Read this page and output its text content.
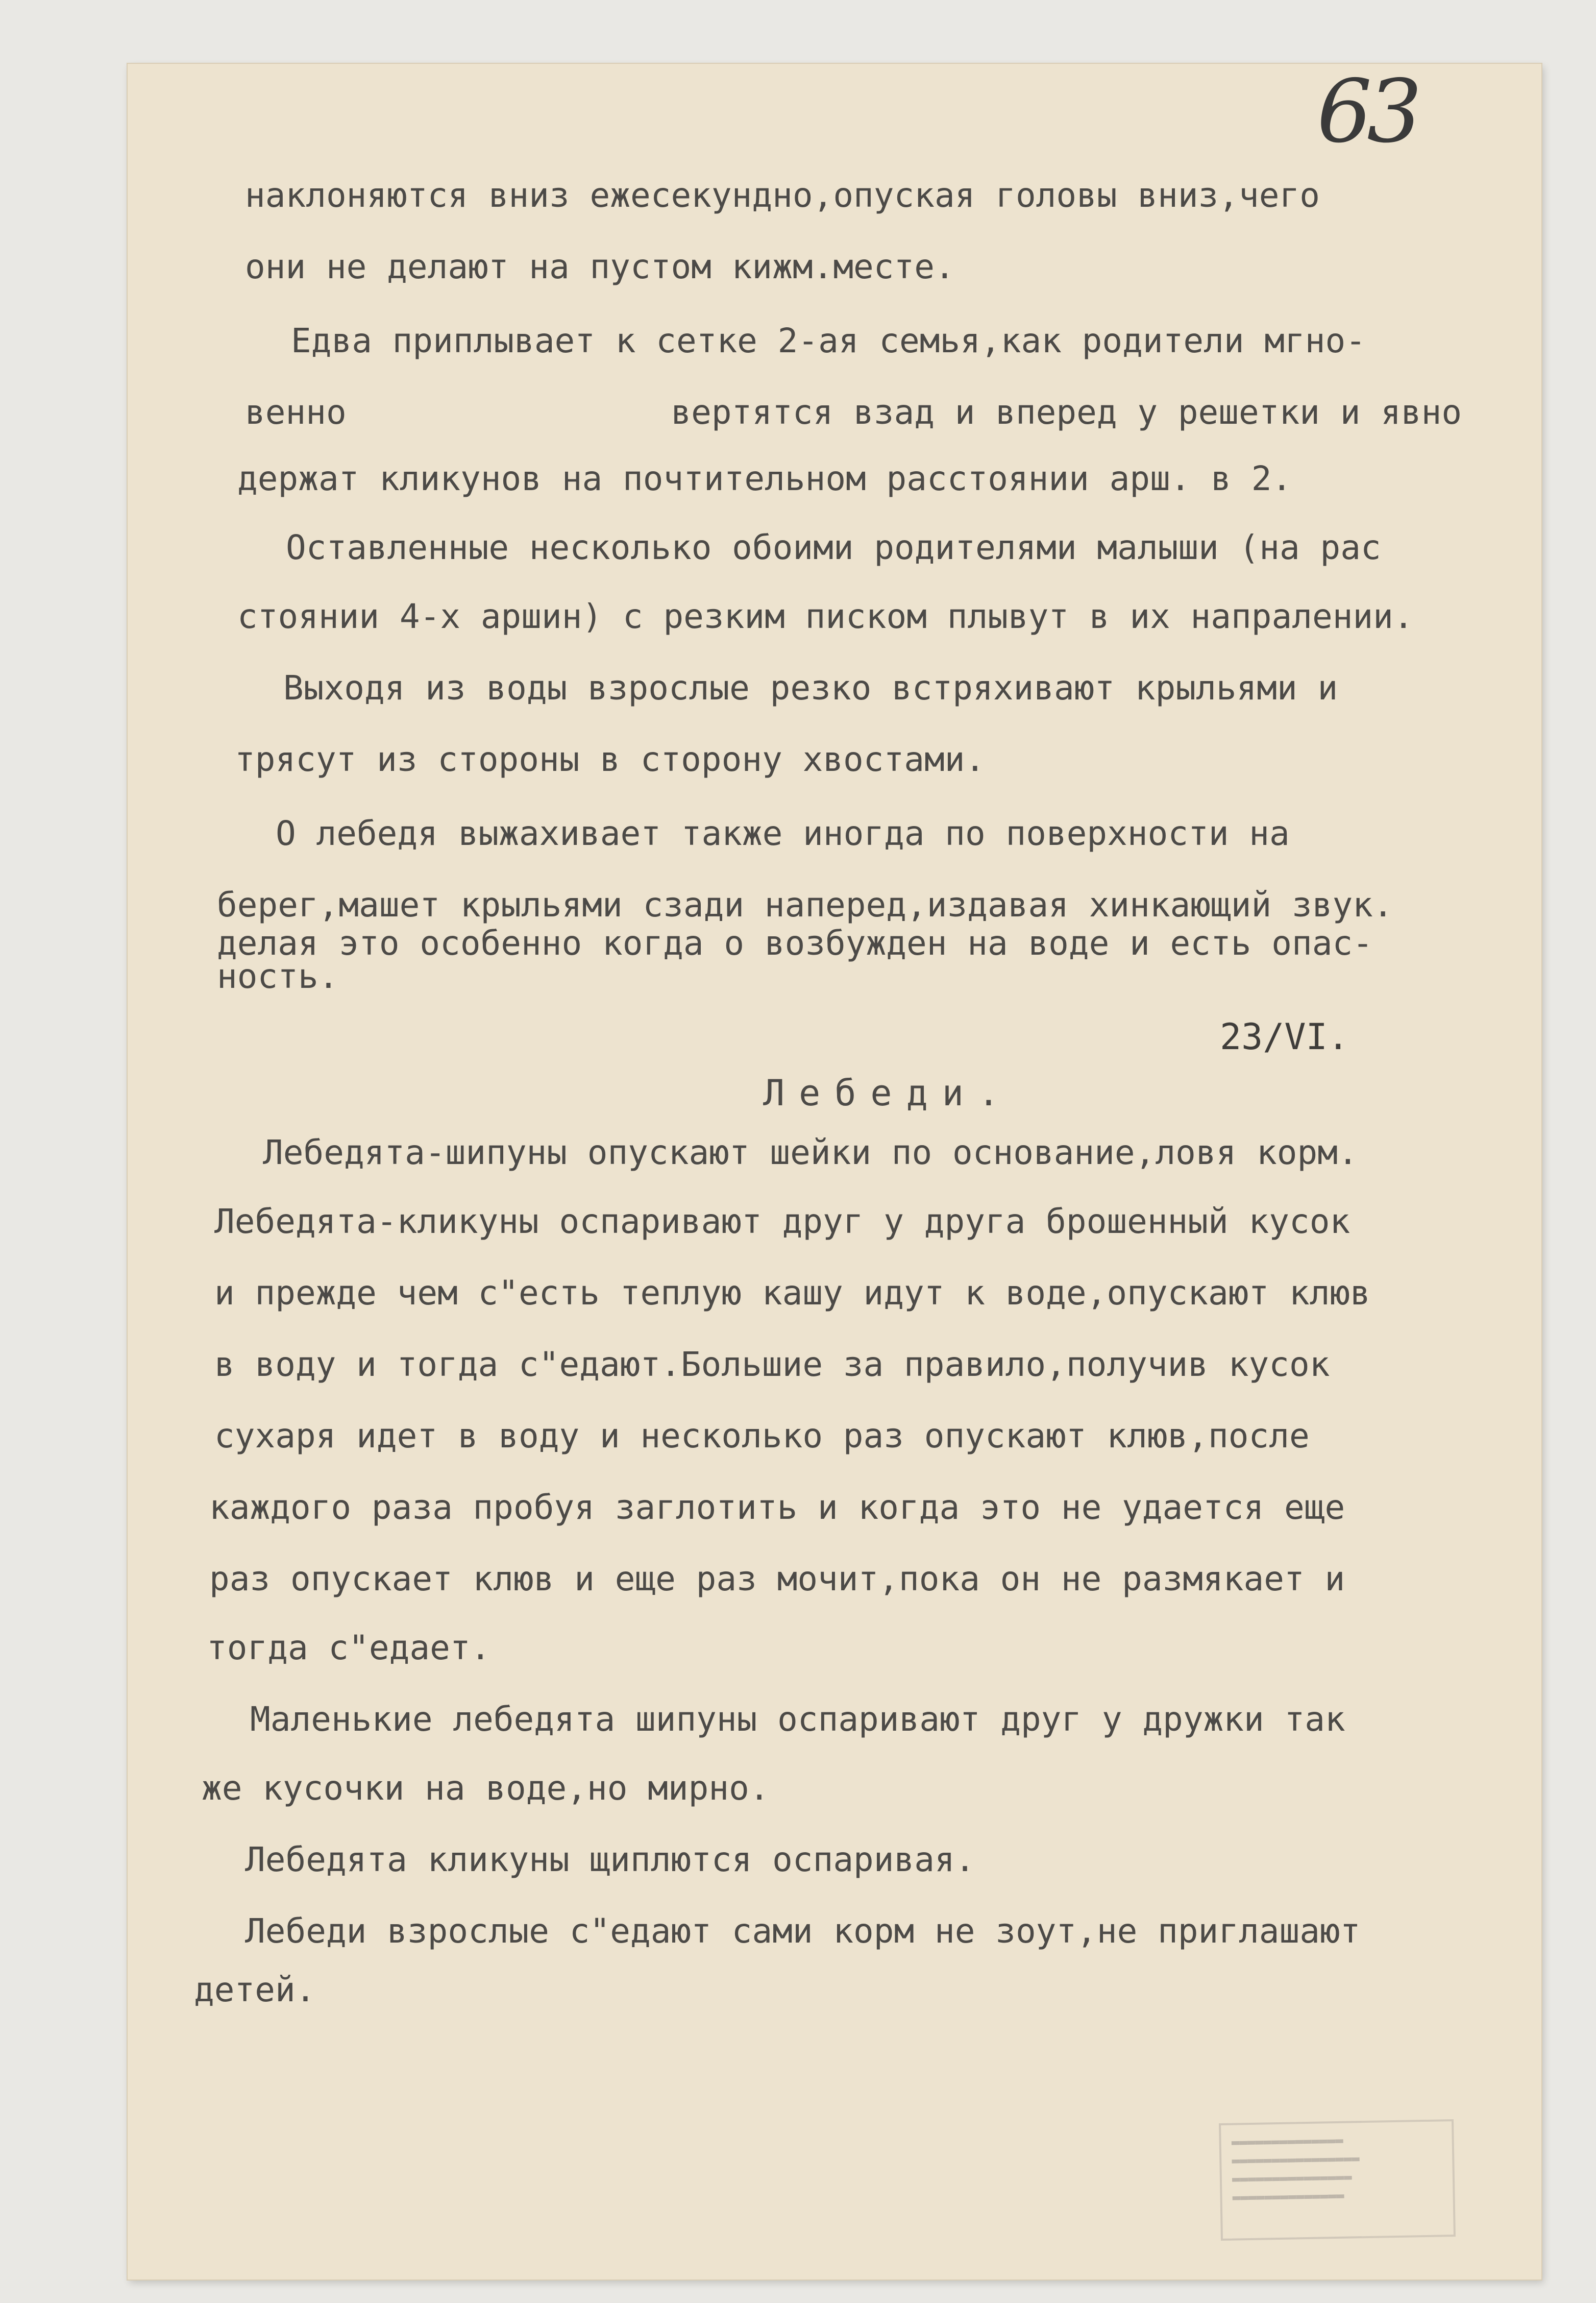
63

наклоняются вниз ежесекундно,опуская головы вниз,чего

они не делают на пустом кижм.месте.

Едва приплывает к сетке 2-ая семья,как родители мгно-

венно                вертятся взад и вперед у решетки и явно

держат кликунов на почтительном расстоянии арш. в 2.

Оставленные несколько обоими родителями малыши (на рас

стоянии 4-х аршин) с резким писком плывут в их напралении.

Выходя из воды взрослые резко встряхивают крыльями и

трясут из стороны в сторону хвостами.

О лебедя выжахивает также иногда по поверхности на

берег,машет крыльями сзади наперед,издавая хинкающий звук.

делая это особенно когда о возбужден на воде и есть опас-

ность.

23/VI.
Лебеди.

Лебедята-шипуны опускают шейки по основание,ловя корм.

Лебедята-кликуны оспаривают друг у друга брошенный кусок

и прежде чем с"есть теплую кашу идут к воде,опускают клюв

в воду и тогда с"едают.Большие за правило,получив кусок

сухаря идет в воду и несколько раз опускают клюв,после

каждого раза пробуя заглотить и когда это не удается еще

раз опускает клюв и еще раз мочит,пока он не размякает и

тогда с"едает.

Маленькие лебедята шипуны оспаривают друг у дружки так

же кусочки на воде,но мирно.

Лебедята кликуны щиплются оспаривая.

Лебеди взрослые с"едают сами корм не зоут,не приглашают

детей.

▬▬▬▬▬▬▬▬▬▬▬▬▬▬
▬▬▬▬▬▬▬▬▬▬▬▬▬▬▬▬
▬▬▬▬▬▬▬▬▬▬▬▬▬▬▬
▬▬▬▬▬▬▬▬▬▬▬▬▬▬
